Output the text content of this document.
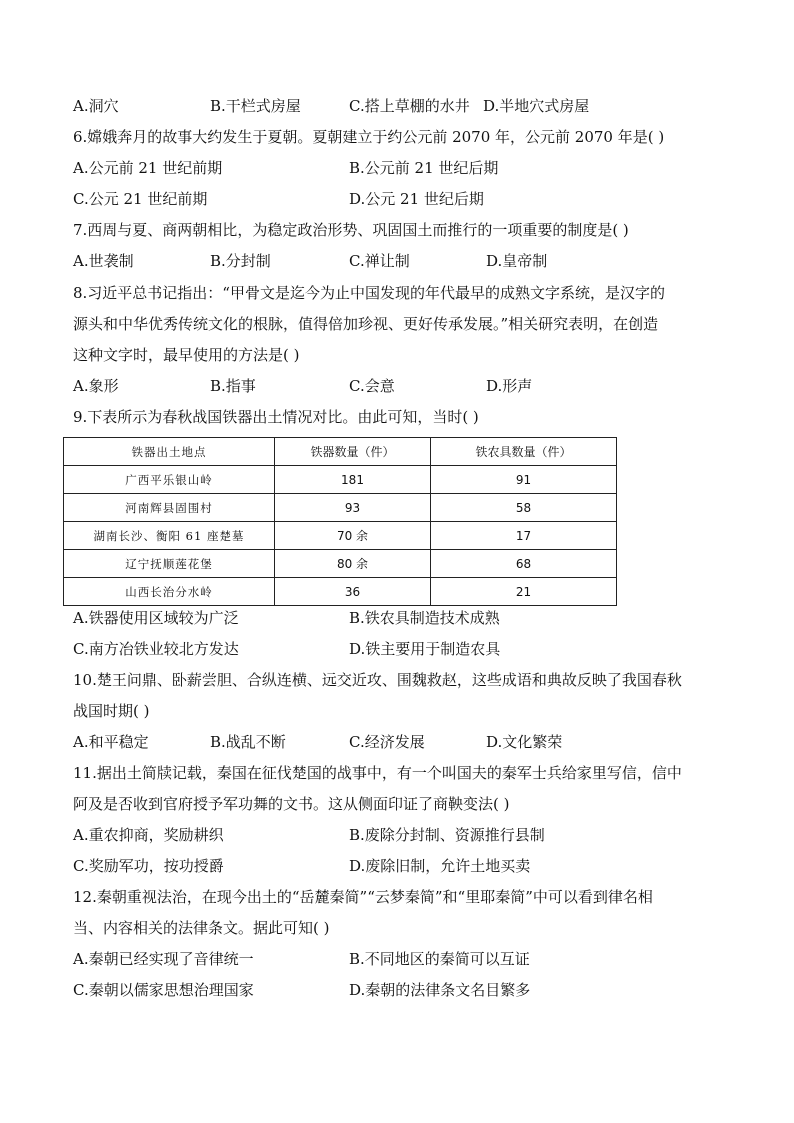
A.洞穴	B.干栏式房屋	C.搭上草棚的水井 D.半地穴式房屋
6.嫦娥奔月的故事大约发生于夏朝。夏朝建立于约公元前 2070 年，公元前 2070 年是( )
A.公元前 21 世纪前期	B.公元前 21 世纪后期
C.公元 21 世纪前期	D.公元 21 世纪后期
7.西周与夏、商两朝相比，为稳定政治形势、巩固国土而推行的一项重要的制度是( )
A.世袭制	B.分封制	C.禅让制	D.皇帝制
8.习近平总书记指出：“甲骨文是迄今为止中国发现的年代最早的成熟文字系统，是汉字的
源头和中华优秀传统文化的根脉，值得倍加珍视、更好传承发展。”相关研究表明，在创造
这种文字时，最早使用的方法是( )
A.象形	B.指事	C.会意	D.形声
9.下表所示为春秋战国铁器出土情况对比。由此可知，当时( )
铁器出土地点	铁器数量（件）	铁农具数量（件）
广西平乐银山岭	181	91
河南辉县固围村	93	58
湖南长沙、衡阳 61 座楚墓	70 余	17
辽宁抚顺莲花堡	80 余	68
山西长治分水岭	36	21
A.铁器使用区域较为广泛	B.铁农具制造技术成熟
C.南方冶铁业较北方发达	D.铁主要用于制造农具
10.楚王问鼎、卧薪尝胆、合纵连横、远交近攻、围魏救赵，这些成语和典故反映了我国春秋
战国时期( )
A.和平稳定	B.战乱不断	C.经济发展	D.文化繁荣
11.据出土简牍记载，秦国在征伐楚国的战事中，有一个叫国夫的秦军士兵给家里写信，信中
阿及是否收到官府授予军功舞的文书。这从侧面印证了商鞅变法( )
A.重农抑商，奖励耕织	B.废除分封制、资源推行县制
C.奖励军功，按功授爵	D.废除旧制，允许土地买卖
12.秦朝重视法治，在现今出土的“岳麓秦简”“云梦秦简”和“里耶秦简”中可以看到律名相
当、内容相关的法律条文。据此可知( )
A.秦朝已经实现了音律统一	B.不同地区的秦简可以互证
C.秦朝以儒家思想治理国家	D.秦朝的法律条文名目繁多
